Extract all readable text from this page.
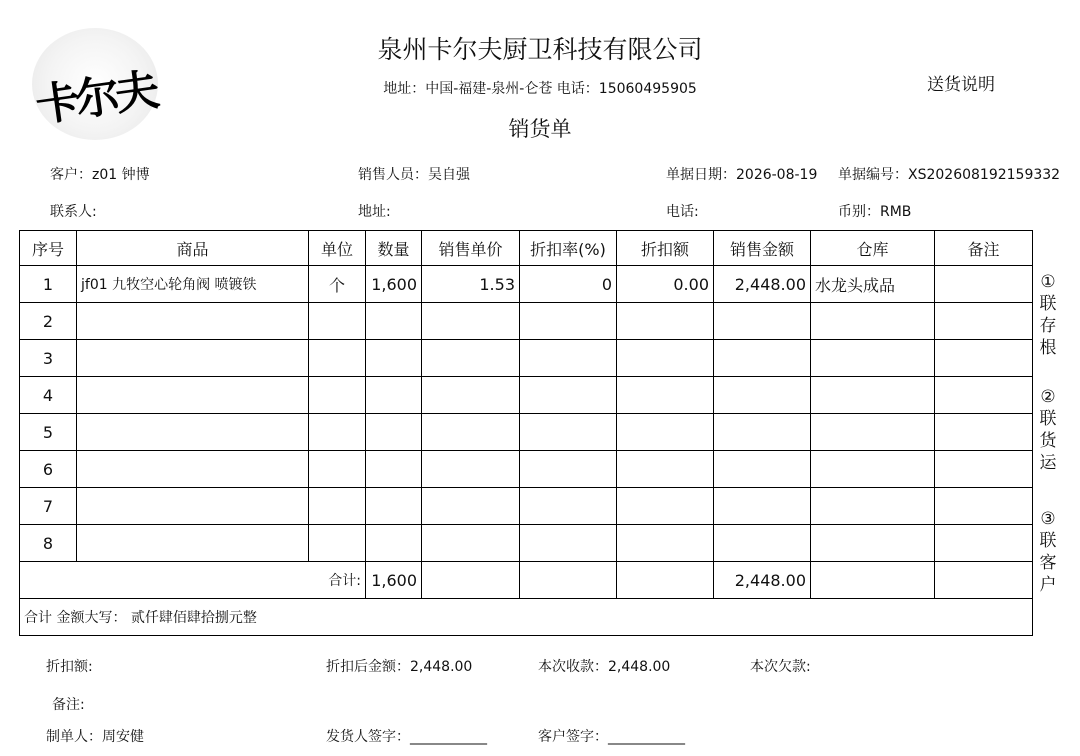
卡尔夫
泉州卡尔夫厨卫科技有限公司
地址：中国-福建-泉州-仑苍 电话：15060495905
销货单
送货说明
客户：z01 钟博	销售人员：吴自强	单据日期：2026-08-19 单据编号：XS20260819215933​2
联系人:	地址:	电话:	币别：RMB
序号	商品	单位	数量	销售单价	折扣率(%)	折扣额	销售金额	仓库	备注
1	jf01 九牧空心轮角阀 喷镀铁	个	1,600	1.53	0	0.00	2,448.00	水龙头成品	
2									
3									
4									
5									
6									
7									
8									
合计:			1,600				2,448.00		
合计 金额大写： 贰仟肆佰肆拾捌元整									
①
联
存
根
②
联
货
运
③
联
客
户
折扣额:	折扣后金额：2,448.00	本次收款：2,448.00	本次欠款:
备注:
制单人：周安健	发货人签字：___________	客户签字：___________
